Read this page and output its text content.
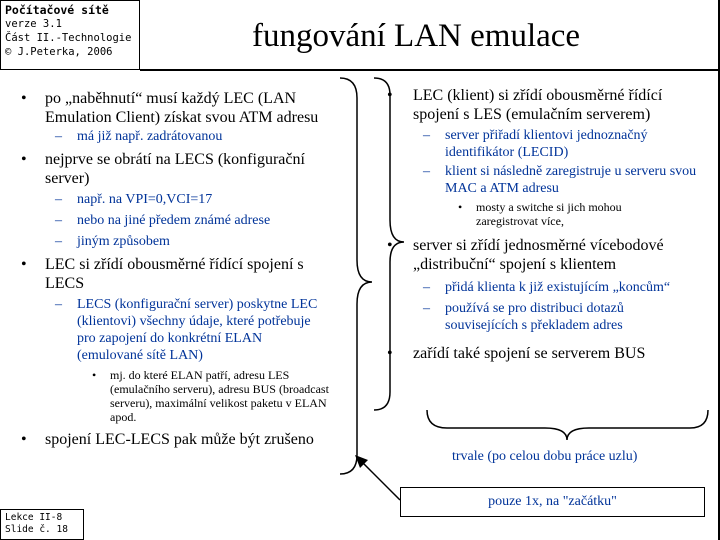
Počítačové sítě
verze 3.1
Část II.-Technologie
© J.Peterka, 2006	fungování LAN emulace
• po „naběhnutí“ musí každý LEC (LAN Emulation Client) získat svou ATM adresu
– má již např. zadrátovanou
• nejprve se obrátí na LECS (konfigurační server)
– např. na VPI=0,VCI=17
– nebo na jiné předem známé adrese
– jiným způsobem
• LEC si zřídí obousměrné řídící spojení s LECS
– LECS (konfigurační server) poskytne LEC (klientovi) všechny údaje, které potřebuje pro zapojení do konkrétní ELAN (emulované sítě LAN)
• mj. do které ELAN patří, adresu LES (emulačního serveru), adresu BUS (broadcast serveru), maximální velikost paketu v ELAN apod.
• spojení LEC-LECS pak může být zrušeno
• LEC (klient) si zřídí obousměrné řídící spojení s LES (emulačním serverem)
– server přiřadí klientovi jednoznačný identifikátor (LECID)
– klient si následně zaregistruje u serveru svou MAC a ATM adresu
• mosty a switche si jich mohou zaregistrovat více,
• server si zřídí jednosměrné vícebodové „distribuční“ spojení s klientem
– přidá klienta k již existujícím „koncům“
– používá se pro distribuci dotazů souvisejících s překladem adres
• zařídí také spojení se serverem BUS
trvale (po celou dobu práce uzlu)
pouze 1x, na "začátku"
Lekce II-8
Slide č. 18
